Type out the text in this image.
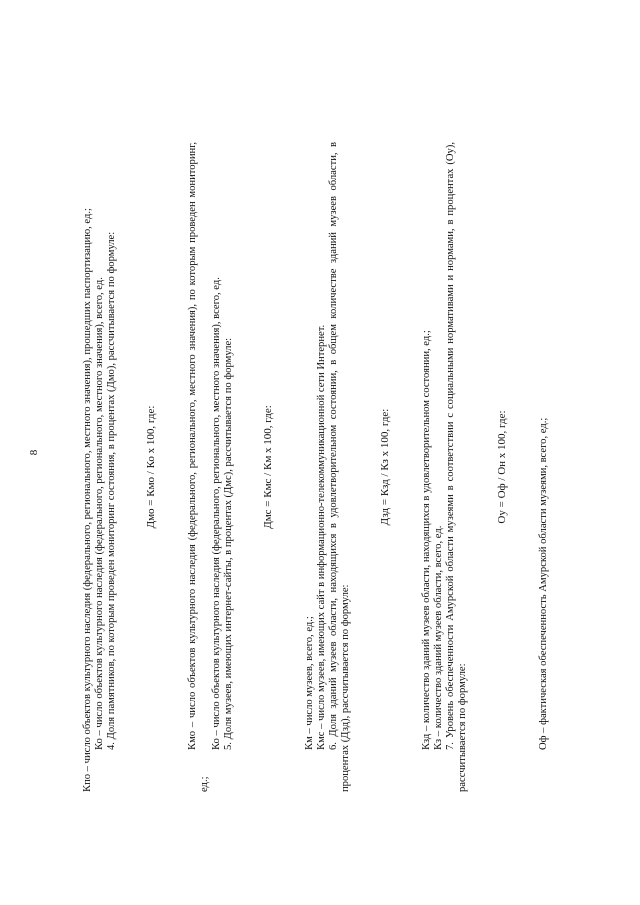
8	Кпо – число объектов культурного наследия (федерального, регионального, местного значения), прошедших паспортизацию, ед.; Ко – число объектов культурного наследия (федерального, регионального, местного значения), всего, ед. 4. Доля памятников, по которым проведен мониторинг состояния, в процентах (Дмо), рассчитывается по формуле: Дмо = Кмо / Ко х 100, где:	Кмо – число объектов культурного наследия (федерального, регионального, местного значения), по которым проведен мониторинг, ед.;

Ко – число объектов культурного наследия (федерального, регионального, местного значения), всего, ед. 5. Доля музеев, имеющих интернет-сайты, в процентах (Дмс), рассчитывается по формуле: Дмс = Кмс / Км х 100, где:

Км – число музеев, всего, ед.; Кмс – число музеев, имеющих сайт в информационно-телекоммуникационной сети Интернет. 6. Доля зданий музеев области, находящихся в удовлетворительном состоянии, в общем количестве зданий музеев области, в процентах (Дзд), рассчитывается по формуле:

Дзд = Кзд / Кз х 100, где:	Кзд – количество зданий музеев области, находящихся в удовлетворительном состоянии, ед.; Кз – количество зданий музеев области, всего, ед. 7. Уровень обеспеченности Амурской области музеями в соответствии с социальными нормативами и нормами, в процентах (Оу), рассчитывается по формуле:

Оу = Оф / Он х 100, где:	Оф – фактическая обеспеченность Амурской области музеями, всего, ед.;
